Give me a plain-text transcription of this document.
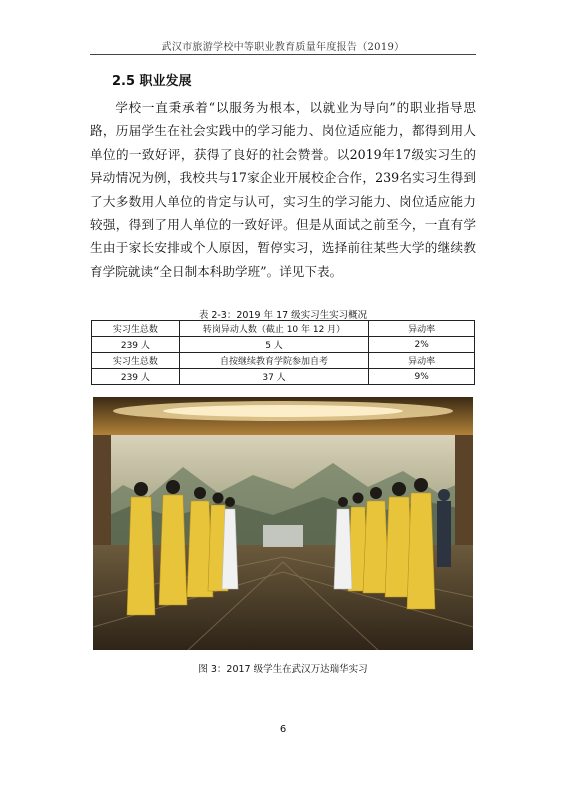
武汉市旅游学校中等职业教育质量年度报告（2019）
2.5 职业发展

学校一直秉承着“以服务为根本，以就业为导向”的职业指导思路，历届学生在社会实践中的学习能力、岗位适应能力，都得到用人单位的一致好评，获得了良好的社会赞誉。以2019年17级实习生的异动情况为例，我校共与17家企业开展校企合作，239名实习生得到了大多数用人单位的肯定与认可，实习生的学习能力、岗位适应能力较强，得到了用人单位的一致好评。但是从面试之前至今，一直有学生由于家长安排或个人原因，暂停实习，选择前往某些大学的继续教育学院就读“全日制本科助学班”。详见下表。

表 2-3：2019 年 17 级实习生实习概况
实习生总数	转岗异动人数（截止 10 年 12 月）	异动率
239 人	5 人	2%
实习生总数	自按继续教育学院参加自考	异动率
239 人	37 人	9%
图 3：2017 级学生在武汉万达瑞华实习
6
